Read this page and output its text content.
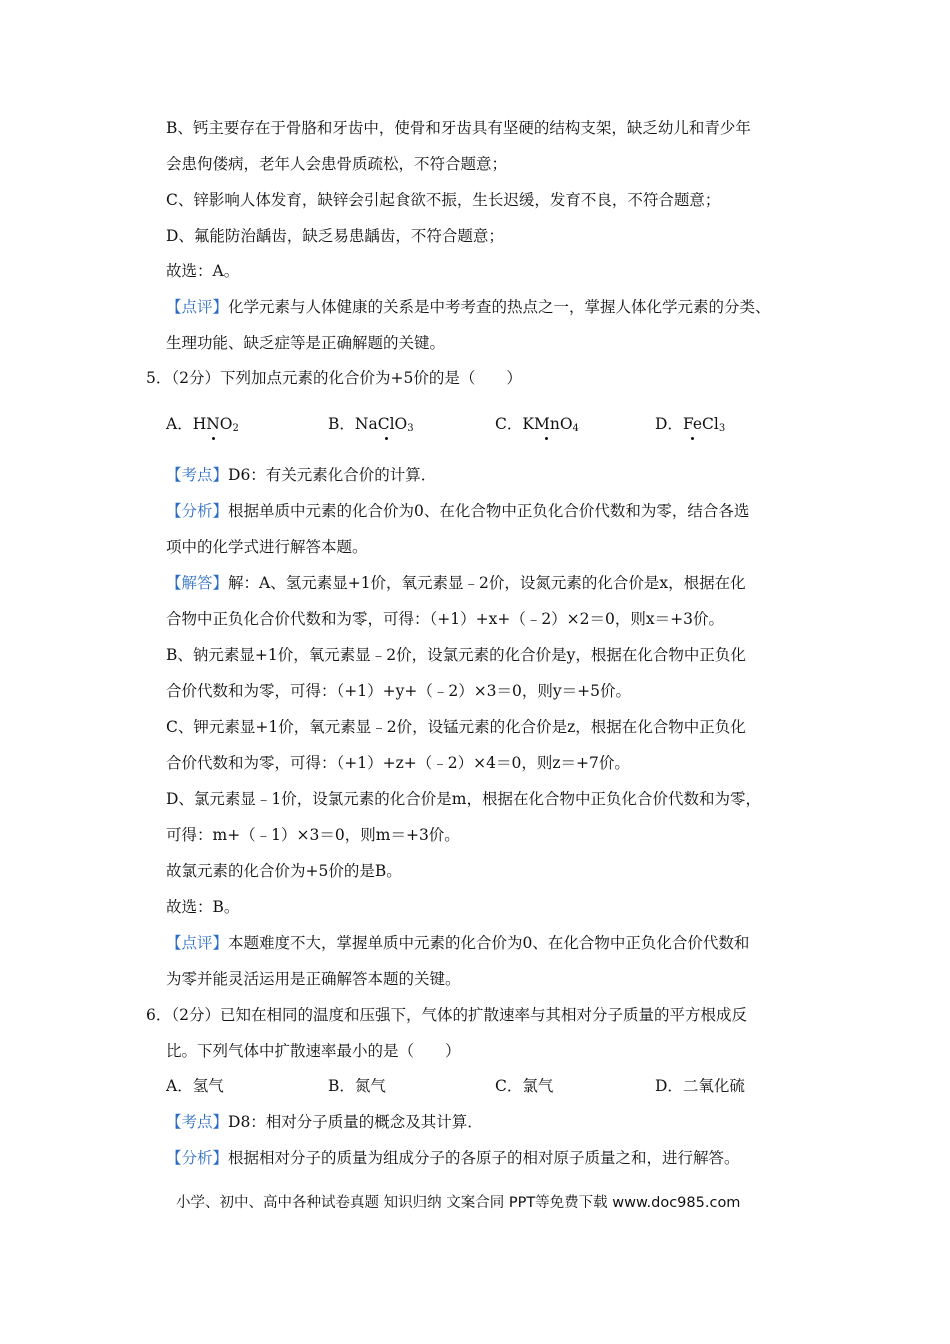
B、钙主要存在于骨胳和牙齿中，使骨和牙齿具有坚硬的结构支架，缺乏幼儿和青少年
会患佝偻病，老年人会患骨质疏松，不符合题意；
C、锌影响人体发育，缺锌会引起食欲不振，生长迟缓，发育不良，不符合题意；
D、氟能防治龋齿，缺乏易患龋齿，不符合题意；
故选：A。
【点评】化学元素与人体健康的关系是中考考查的热点之一，掌握人体化学元素的分类、
生理功能、缺乏症等是正确解题的关键。
5．（2分）下列加点元素的化合价为+5价的是（　　）
A．$HNO_2$	B．NaClO$_3$	C．KMnO$_4$	D．FeCl$_3$
【考点】D6：有关元素化合价的计算．
【分析】根据单质中元素的化合价为0、在化合物中正负化合价代数和为零，结合各选
项中的化学式进行解答本题。
【解答】解：A、氢元素显+1价，氧元素显﹣2价，设氮元素的化合价是x，根据在化
合物中正负化合价代数和为零，可得：（+1）+x+（﹣2）×2＝0，则x＝+3价。
B、钠元素显+1价，氧元素显﹣2价，设氯元素的化合价是y，根据在化合物中正负化
合价代数和为零，可得：（+1）+y+（﹣2）×3＝0，则y＝+5价。
C、钾元素显+1价，氧元素显﹣2价，设锰元素的化合价是z，根据在化合物中正负化
合价代数和为零，可得：（+1）+z+（﹣2）×4＝0，则z＝+7价。
D、氯元素显﹣1价，设氯元素的化合价是m，根据在化合物中正负化合价代数和为零，
可得：m+（﹣1）×3＝0，则m＝+3价。
故氯元素的化合价为+5价的是B。
故选：B。
【点评】本题难度不大，掌握单质中元素的化合价为0、在化合物中正负化合价代数和
为零并能灵活运用是正确解答本题的关键。
6．（2分）已知在相同的温度和压强下，气体的扩散速率与其相对分子质量的平方根成反
比。下列气体中扩散速率最小的是（　　）
A．氢气	B．氮气	C．氯气	D．二氧化硫
【考点】D8：相对分子质量的概念及其计算．
【分析】根据相对分子的质量为组成分子的各原子的相对原子质量之和，进行解答。
小学、初中、高中各种试卷真题 知识归纳 文案合同 PPT等免费下载 www.doc985.com
